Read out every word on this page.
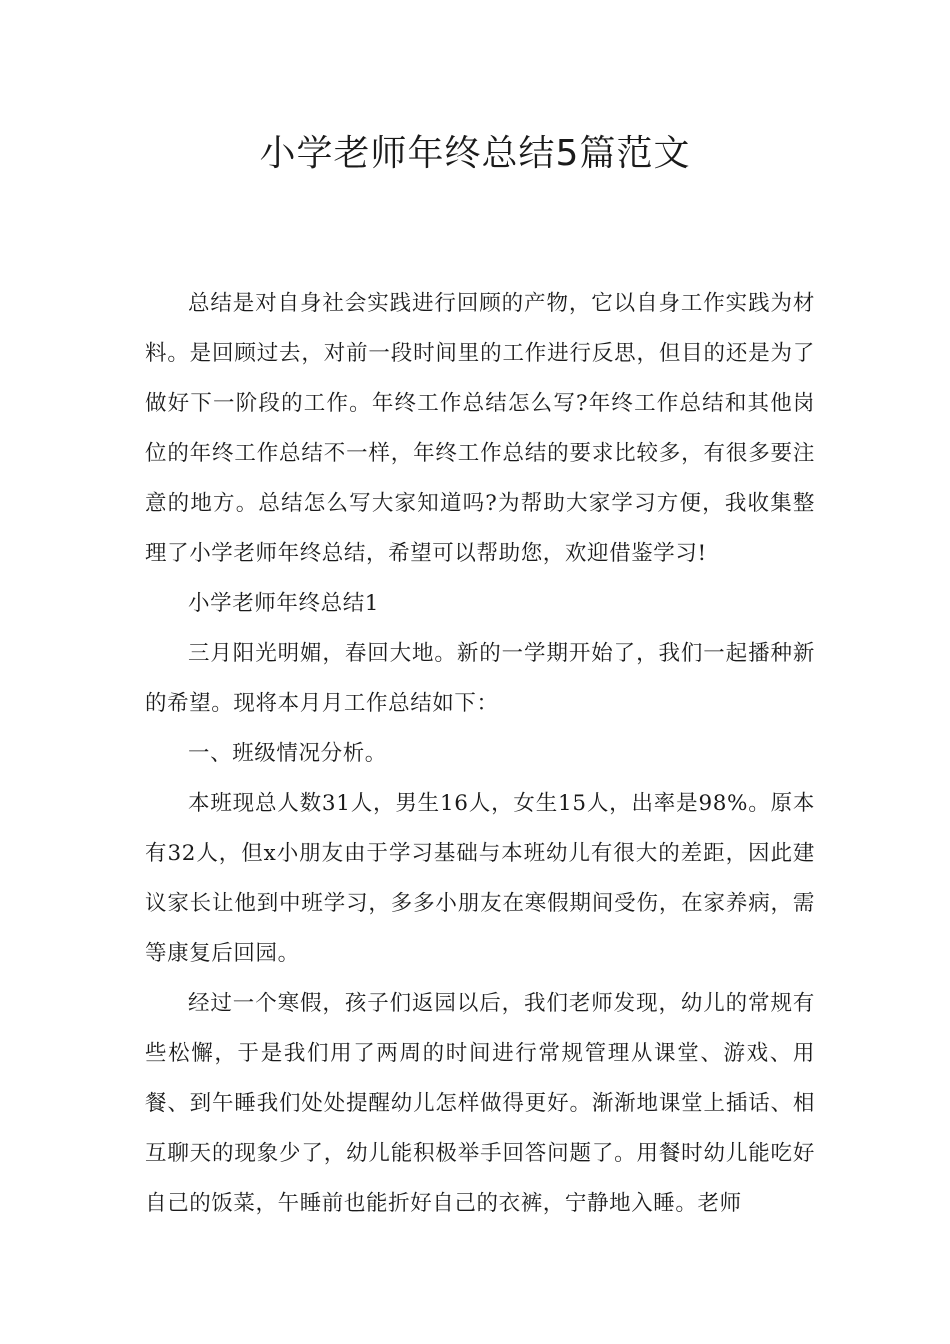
小学老师年终总结5篇范文

总结是对自身社会实践进行回顾的产物，它以自身工作实践为材料。是回顾过去，对前一段时间里的工作进行反思，但目的还是为了做好下一阶段的工作。年终工作总结怎么写?年终工作总结和其他岗位的年终工作总结不一样，年终工作总结的要求比较多，有很多要注意的地方。总结怎么写大家知道吗?为帮助大家学习方便，我收集整理了小学老师年终总结，希望可以帮助您，欢迎借鉴学习!

小学老师年终总结1

三月阳光明媚，春回大地。新的一学期开始了，我们一起播种新的希望。现将本月月工作总结如下：

一、班级情况分析。

本班现总人数31人，男生16人，女生15人，出率是98%。原本有32人，但x小朋友由于学习基础与本班幼儿有很大的差距，因此建议家长让他到中班学习，多多小朋友在寒假期间受伤，在家养病，需等康复后回园。

经过一个寒假，孩子们返园以后，我们老师发现，幼儿的常规有些松懈，于是我们用了两周的时间进行常规管理从课堂、游戏、用餐、到午睡我们处处提醒幼儿怎样做得更好。渐渐地课堂上插话、相互聊天的现象少了，幼儿能积极举手回答问题了。用餐时幼儿能吃好自己的饭菜，午睡前也能折好自己的衣裤，宁静地入睡。老师
